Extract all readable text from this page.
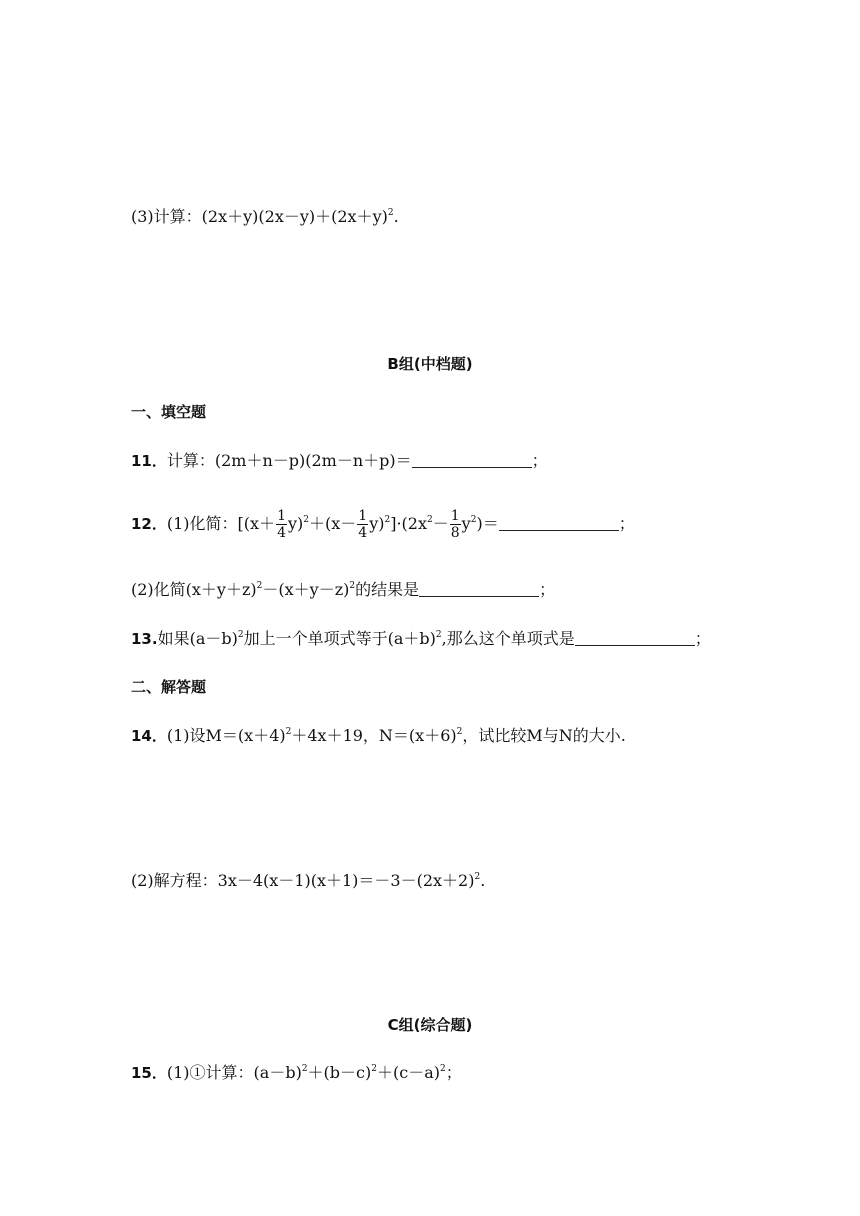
(3)计算：$(2x+y)(2x-y)+(2x+y)^2$.
B组(中档题)
一、填空题
11．计算：(2m＋n－p)(2m－n＋p)＝	；
12．(1)化简：$[(x+ \frac{1}{4} y)^2+(x- \frac{1}{4} y)^2]\cdot(2x^2- \frac{1}{8} y^2)=$	；
(2)化简$(x+y+z)^2-(x+y-z)^2$的结果是	；
13.如果$(a-b)^2$加上一个单项式等于$(a+b)^2$,那么这个单项式是	；
二、解答题
14．(1)设$M=(x+4)^2+4x+19$，$N=(x+6)^2$，试比较M与N的大小.
(2)解方程：$3x-4(x-1)(x+1)=-3-(2x+2)^2$.
C组(综合题)
15．(1)①计算：$(a-b)^2+(b-c)^2+(c-a)^2$；
